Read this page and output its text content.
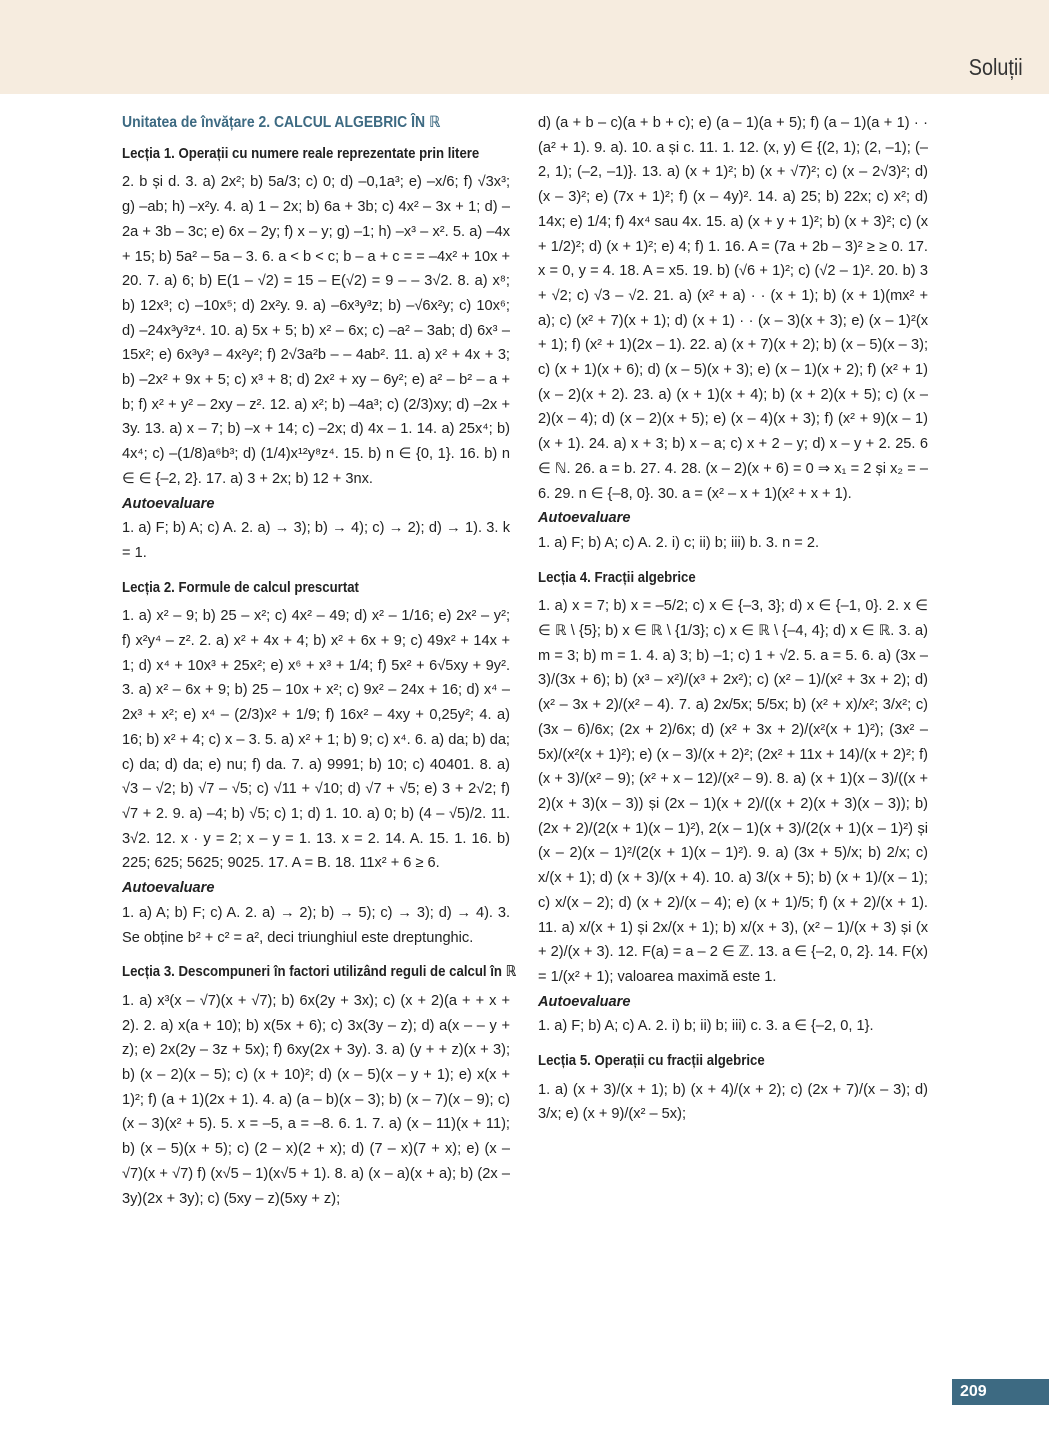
Soluții
Unitatea de învățare 2. CALCUL ALGEBRIC ÎN ℝ
Lecția 1. Operații cu numere reale reprezentate prin litere

2. b și d. 3. a) 2x²; b) 5a/3; c) 0; d) –0,1a³; e) –x/6; f) √3x³; g) –ab; h) –x²y. 4. a) 1 – 2x; b) 6a + 3b; c) 4x² – 3x + 1; d) –2a + 3b – 3c; e) 6x – 2y; f) x – y; g) –1; h) –x³ – x². 5. a) –4x + 15; b) 5a² – 5a – 3. 6. a < b < c; b – a + c = = –4x² + 10x + 20. 7. a) 6; b) E(1 – √2) = 15 – E(√2) = 9 – – 3√2. 8. a) x⁸; b) 12x³; c) –10x⁵; d) 2x²y. 9. a) –6x³y³z; b) –√6x²y; c) 10x⁶; d) –24x³y³z⁴. 10. a) 5x + 5; b) x² – 6x; c) –a² – 3ab; d) 6x³ – 15x²; e) 6x³y³ – 4x²y²; f) 2√3a²b – – 4ab². 11. a) x² + 4x + 3; b) –2x² + 9x + 5; c) x³ + 8; d) 2x² + xy – 6y²; e) a² – b² – a + b; f) x² + y² – 2xy – z². 12. a) x²; b) –4a³; c) (2/3)xy; d) –2x + 3y. 13. a) x – 7; b) –x + 14; c) –2x; d) 4x – 1. 14. a) 25x⁴; b) 4x⁴; c) –(1/8)a⁶b³; d) (1/4)x¹²y⁸z⁴. 15. b) n ∈ {0, 1}. 16. b) n ∈ ∈ {–2, 2}. 17. a) 3 + 2x; b) 12 + 3nx.

Autoevaluare

1. a) F; b) A; c) A. 2. a) → 3); b) → 4); c) → 2); d) → 1). 3. k = 1.

Lecția 2. Formule de calcul prescurtat

1. a) x² – 9; b) 25 – x²; c) 4x² – 49; d) x² – 1/16; e) 2x² – y²; f) x²y⁴ – z². 2. a) x² + 4x + 4; b) x² + 6x + 9; c) 49x² + 14x + 1; d) x⁴ + 10x³ + 25x²; e) x⁶ + x³ + 1/4; f) 5x² + 6√5xy + 9y². 3. a) x² – 6x + 9; b) 25 – 10x + x²; c) 9x² – 24x + 16; d) x⁴ – 2x³ + x²; e) x⁴ – (2/3)x² + 1/9; f) 16x² – 4xy + 0,25y²; 4. a) 16; b) x² + 4; c) x – 3. 5. a) x² + 1; b) 9; c) x⁴. 6. a) da; b) da; c) da; d) da; e) nu; f) da. 7. a) 9991; b) 10; c) 40401. 8. a) √3 – √2; b) √7 – √5; c) √11 + √10; d) √7 + √5; e) 3 + 2√2; f) √7 + 2. 9. a) –4; b) √5; c) 1; d) 1. 10. a) 0; b) (4 – √5)/2. 11. 3√2. 12. x · y = 2; x – y = 1. 13. x = 2. 14. A. 15. 1. 16. b) 225; 625; 5625; 9025. 17. A = B. 18. 11x² + 6 ≥ 6.

Autoevaluare

1. a) A; b) F; c) A. 2. a) → 2); b) → 5); c) → 3); d) → 4). 3. Se obține b² + c² = a², deci triunghiul este dreptunghic.

Lecția 3. Descompuneri în factori utilizând reguli de calcul în ℝ

1. a) x³(x – √7)(x + √7); b) 6x(2y + 3x); c) (x + 2)(a + + x + 2). 2. a) x(a + 10); b) x(5x + 6); c) 3x(3y – z); d) a(x – – y + z); e) 2x(2y – 3z + 5x); f) 6xy(2x + 3y). 3. a) (y + + z)(x + 3); b) (x – 2)(x – 5); c) (x + 10)²; d) (x – 5)(x – y + 1); e) x(x + 1)²; f) (a + 1)(2x + 1). 4. a) (a – b)(x – 3); b) (x – 7)(x – 9); c) (x – 3)(x² + 5). 5. x = –5, a = –8. 6. 1. 7. a) (x – 11)(x + 11); b) (x – 5)(x + 5); c) (2 – x)(2 + x); d) (7 – x)(7 + x); e) (x – √7)(x + √7) f) (x√5 – 1)(x√5 + 1). 8. a) (x – a)(x + a); b) (2x – 3y)(2x + 3y); c) (5xy – z)(5xy + z);

d) (a + b – c)(a + b + c); e) (a – 1)(a + 5); f) (a – 1)(a + 1) · · (a² + 1). 9. a). 10. a și c. 11. 1. 12. (x, y) ∈ {(2, 1); (2, –1); (–2, 1); (–2, –1)}. 13. a) (x + 1)²; b) (x + √7)²; c) (x – 2√3)²; d) (x – 3)²; e) (7x + 1)²; f) (x – 4y)². 14. a) 25; b) 22x; c) x²; d) 14x; e) 1/4; f) 4x⁴ sau 4x. 15. a) (x + y + 1)²; b) (x + 3)²; c) (x + 1/2)²; d) (x + 1)²; e) 4; f) 1. 16. A = (7a + 2b – 3)² ≥ ≥ 0. 17. x = 0, y = 4. 18. A = x5. 19. b) (√6 + 1)²; c) (√2 – 1)². 20. b) 3 + √2; c) √3 – √2. 21. a) (x² + a) · · (x + 1); b) (x + 1)(mx² + a); c) (x² + 7)(x + 1); d) (x + 1) · · (x – 3)(x + 3); e) (x – 1)²(x + 1); f) (x² + 1)(2x – 1). 22. a) (x + 7)(x + 2); b) (x – 5)(x – 3); c) (x + 1)(x + 6); d) (x – 5)(x + 3); e) (x – 1)(x + 2); f) (x² + 1)(x – 2)(x + 2). 23. a) (x + 1)(x + 4); b) (x + 2)(x + 5); c) (x – 2)(x – 4); d) (x – 2)(x + 5); e) (x – 4)(x + 3); f) (x² + 9)(x – 1)(x + 1). 24. a) x + 3; b) x – a; c) x + 2 – y; d) x – y + 2. 25. 6 ∈ ℕ. 26. a = b. 27. 4. 28. (x – 2)(x + 6) = 0 ⇒ x₁ = 2 și x₂ = –6. 29. n ∈ {–8, 0}. 30. a = (x² – x + 1)(x² + x + 1).

Autoevaluare

1. a) F; b) A; c) A. 2. i) c; ii) b; iii) b. 3. n = 2.

Lecția 4. Fracții algebrice

1. a) x = 7; b) x = –5/2; c) x ∈ {–3, 3}; d) x ∈ {–1, 0}. 2. x ∈ ∈ ℝ \ {5}; b) x ∈ ℝ \ {1/3}; c) x ∈ ℝ \ {–4, 4}; d) x ∈ ℝ. 3. a) m = 3; b) m = 1. 4. a) 3; b) –1; c) 1 + √2. 5. a = 5. 6. a) (3x – 3)/(3x + 6); b) (x³ – x²)/(x³ + 2x²); c) (x² – 1)/(x² + 3x + 2); d) (x² – 3x + 2)/(x² – 4). 7. a) 2x/5x; 5/5x; b) (x² + x)/x²; 3/x²; c) (3x – 6)/6x; (2x + 2)/6x; d) (x² + 3x + 2)/(x²(x + 1)²); (3x² – 5x)/(x²(x + 1)²); e) (x – 3)/(x + 2)²; (2x² + 11x + 14)/(x + 2)²; f) (x + 3)/(x² – 9); (x² + x – 12)/(x² – 9). 8. a) (x + 1)(x – 3)/((x + 2)(x + 3)(x – 3)) și (2x – 1)(x + 2)/((x + 2)(x + 3)(x – 3)); b) (2x + 2)/(2(x + 1)(x – 1)²), 2(x – 1)(x + 3)/(2(x + 1)(x – 1)²) și (x – 2)(x – 1)²/(2(x + 1)(x – 1)²). 9. a) (3x + 5)/x; b) 2/x; c) x/(x + 1); d) (x + 3)/(x + 4). 10. a) 3/(x + 5); b) (x + 1)/(x – 1); c) x/(x – 2); d) (x + 2)/(x – 4); e) (x + 1)/5; f) (x + 2)/(x + 1). 11. a) x/(x + 1) și 2x/(x + 1); b) x/(x + 3), (x² – 1)/(x + 3) și (x + 2)/(x + 3). 12. F(a) = a – 2 ∈ ℤ. 13. a ∈ {–2, 0, 2}. 14. F(x) = 1/(x² + 1); valoarea maximă este 1.

Autoevaluare

1. a) F; b) A; c) A. 2. i) b; ii) b; iii) c. 3. a ∈ {–2, 0, 1}.

Lecția 5. Operații cu fracții algebrice

1. a) (x + 3)/(x + 1); b) (x + 4)/(x + 2); c) (2x + 7)/(x – 3); d) 3/x; e) (x + 9)/(x² – 5x);

209
